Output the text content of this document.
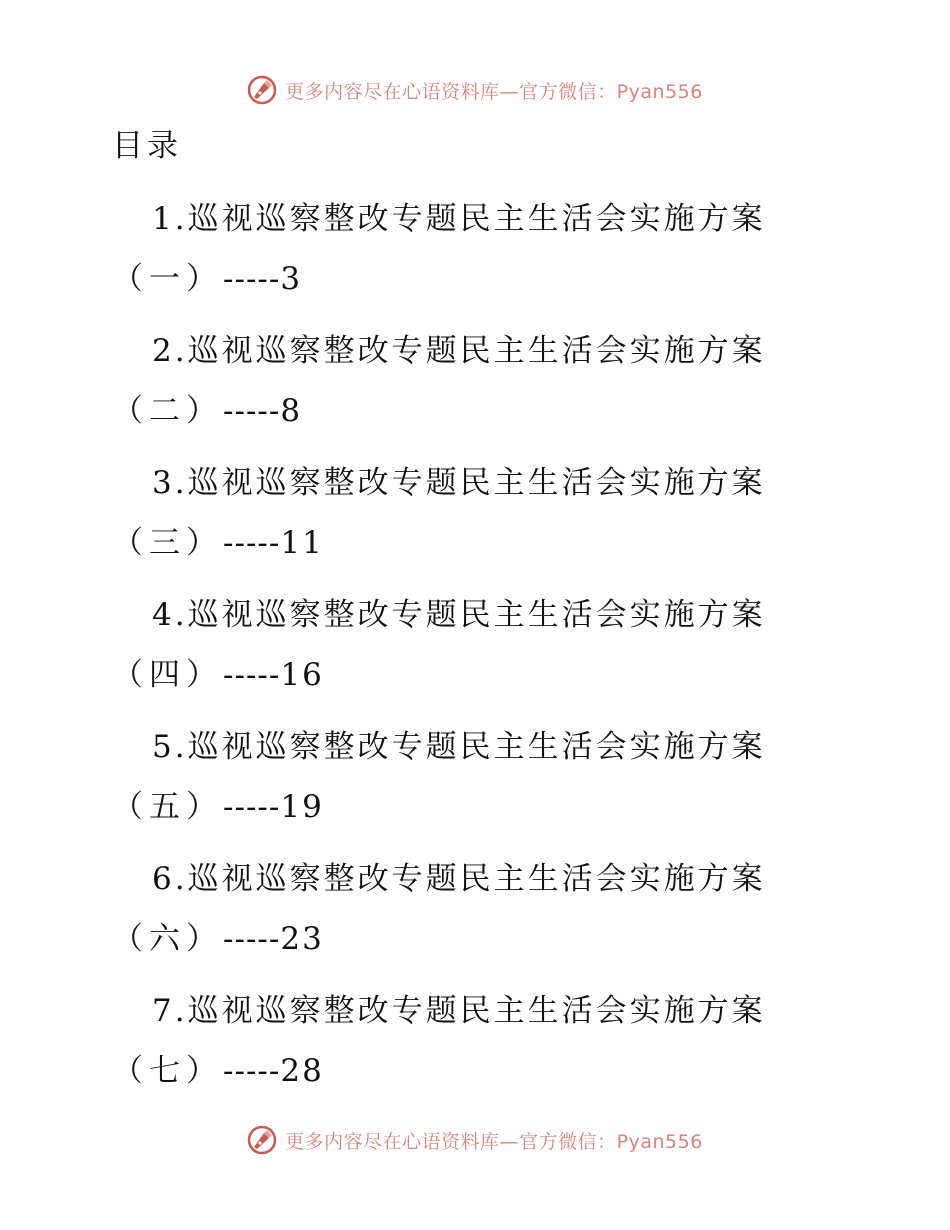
更多内容尽在心语资料库—官方微信：Pyan556
目录
1.巡视巡察整改专题民主生活会实施方案
（一）-----3
2.巡视巡察整改专题民主生活会实施方案
（二）-----8
3.巡视巡察整改专题民主生活会实施方案
（三）-----11
4.巡视巡察整改专题民主生活会实施方案
（四）-----16
5.巡视巡察整改专题民主生活会实施方案
（五）-----19
6.巡视巡察整改专题民主生活会实施方案
（六）-----23
7.巡视巡察整改专题民主生活会实施方案
（七）-----28
更多内容尽在心语资料库—官方微信：Pyan556
